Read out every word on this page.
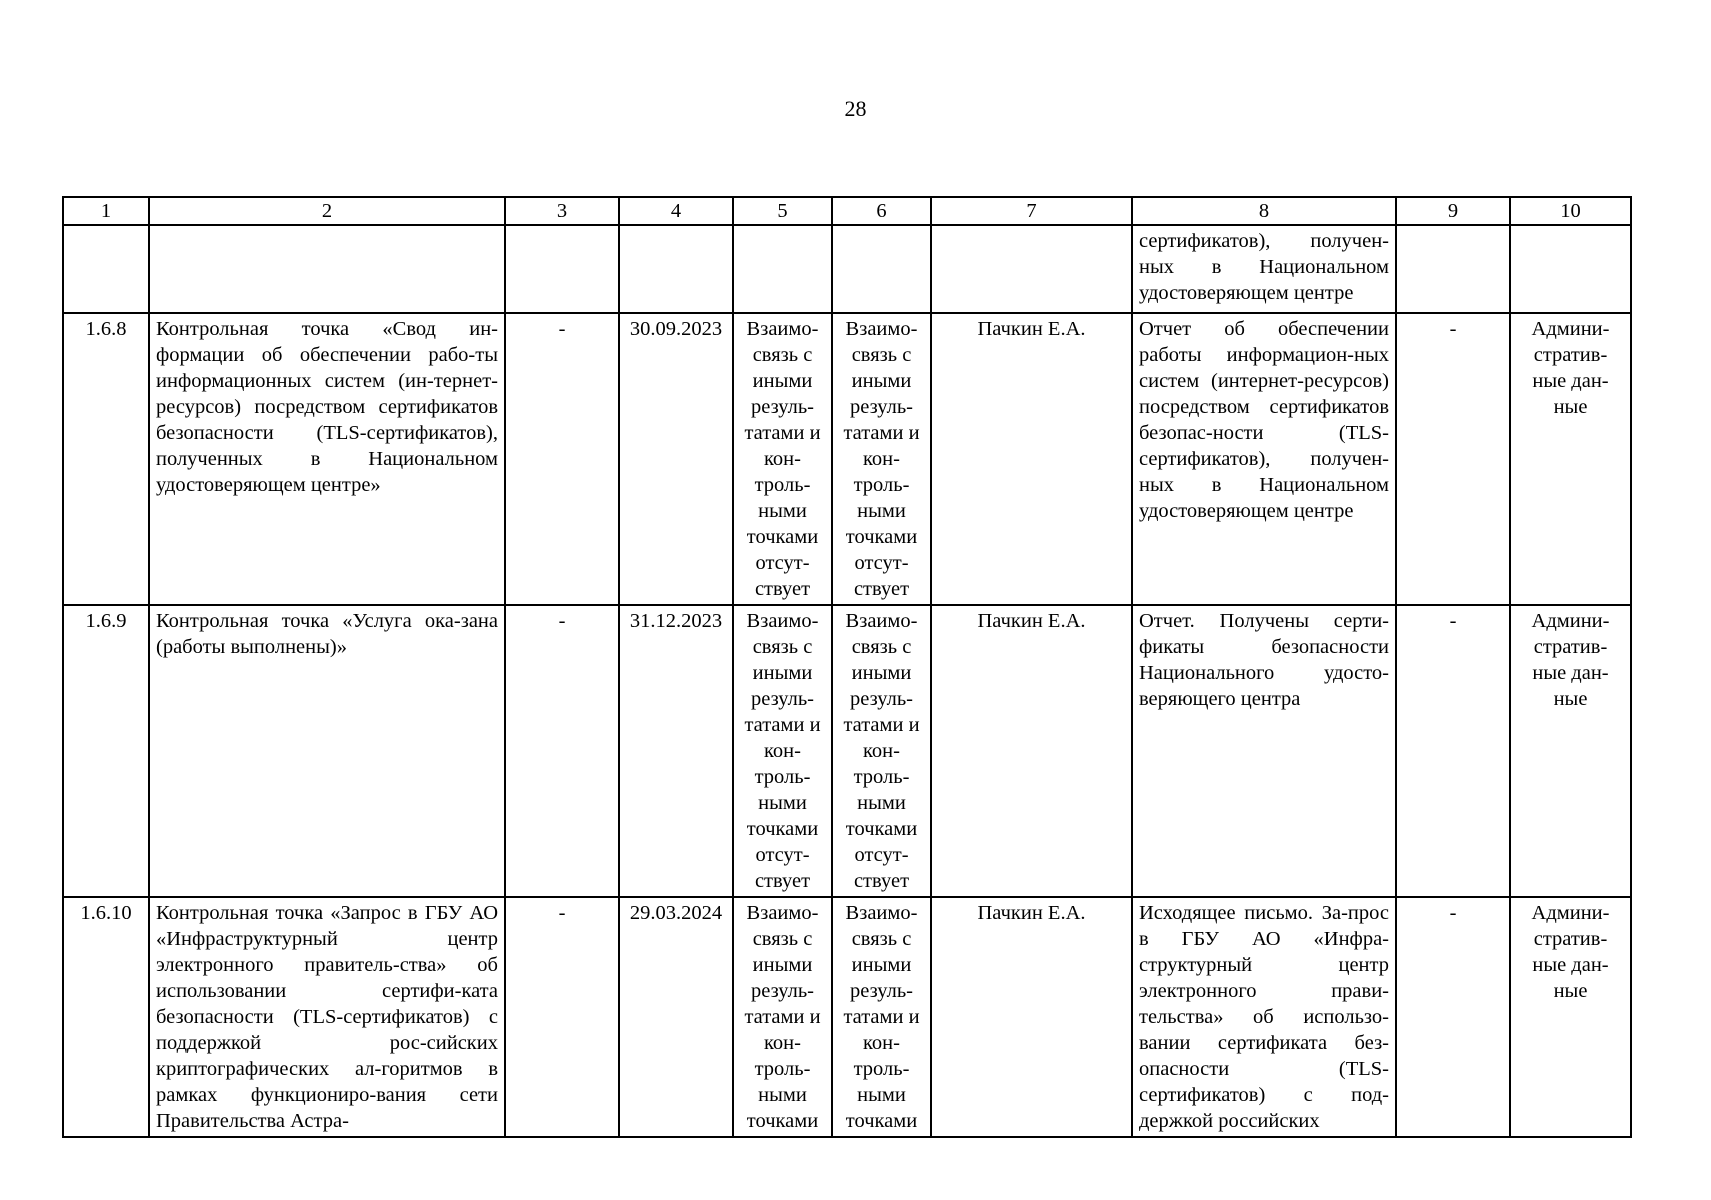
28
1	2	3	4	5	6	7	8	9	10
							сертификатов), получен-ных в Национальном удостоверяющем центре		
1.6.8	Контрольная точка «Свод ин-формации об обеспечении рабо-ты информационных систем (ин-тернет-ресурсов) посредством сертификатов безопасности (TLS-сертификатов), полученных в Национальном удостоверяющем центре»	-	30.09.2023	Взаимо-связь с иными резуль-татами и кон-троль-ными точками отсут-ствует	Взаимо-связь с иными резуль-татами и кон-троль-ными точками отсут-ствует	Пачкин Е.А.	Отчет об обеспечении работы информацион-ных систем (интернет-ресурсов) посредством сертификатов безопас-ности (TLS-сертификатов), получен-ных в Национальном удостоверяющем центре	-	Админи-стратив-ные дан-ные
1.6.9	Контрольная точка «Услуга ока-зана (работы выполнены)»	-	31.12.2023	Взаимо-связь с иными резуль-татами и кон-троль-ными точками отсут-ствует	Взаимо-связь с иными резуль-татами и кон-троль-ными точками отсут-ствует	Пачкин Е.А.	Отчет. Получены серти-фикаты безопасности Национального удосто-веряющего центра	-	Админи-стратив-ные дан-ные
1.6.10	Контрольная точка «Запрос в ГБУ АО «Инфраструктурный центр электронного правитель-ства» об использовании сертифи-ката безопасности (TLS-сертификатов) с поддержкой рос-сийских криптографических ал-горитмов в рамках функциониро-вания сети Правительства Астра-	-	29.03.2024	Взаимо-связь с иными резуль-татами и кон-троль-ными точками	Взаимо-связь с иными резуль-татами и кон-троль-ными точками	Пачкин Е.А.	Исходящее письмо. За-прос в ГБУ АО «Инфра-структурный центр электронного прави-тельства» об использо-вании сертификата без-опасности (TLS-сертификатов) с под-держкой российских	-	Админи-стратив-ные дан-ные
